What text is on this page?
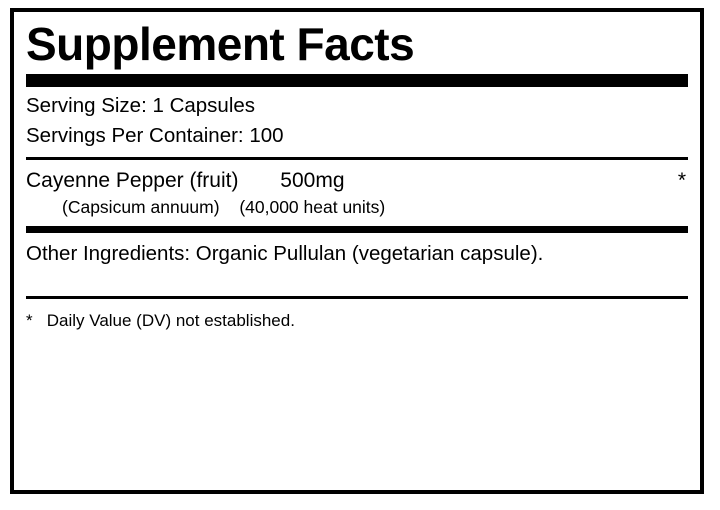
Supplement Facts
Serving Size: 1 Capsules
Servings Per Container: 100
Cayenne Pepper (fruit) 500mg	*
(Capsicum annuum) (40,000 heat units)
Other Ingredients: Organic Pullulan (vegetarian capsule).
* Daily Value (DV) not established.
